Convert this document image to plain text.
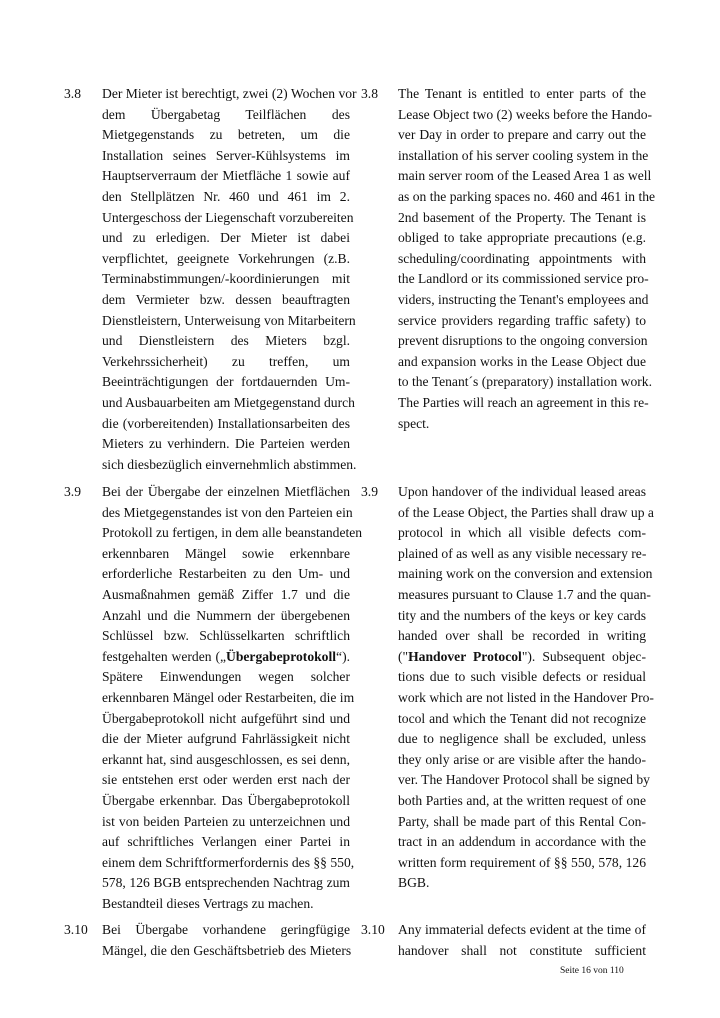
3.8 Der Mieter ist berechtigt, zwei (2) Wochen vor
dem Übergabetag Teilflächen des
Mietgegenstands zu betreten, um die
Installation seines Server-Kühlsystems im
Hauptserverraum der Mietfläche 1 sowie auf
den Stellplätzen Nr. 460 und 461 im 2.
Untergeschoss der Liegenschaft vorzubereiten
und zu erledigen. Der Mieter ist dabei
verpflichtet, geeignete Vorkehrungen (z.B.
Terminabstimmungen/-koordinierungen mit
dem Vermieter bzw. dessen beauftragten
Dienstleistern, Unterweisung von Mitarbeitern
und Dienstleistern des Mieters bzgl.
Verkehrssicherheit) zu treffen, um
Beeinträchtigungen der fortdauernden Um-
und Ausbauarbeiten am Mietgegenstand durch
die (vorbereitenden) Installationsarbeiten des
Mieters zu verhindern. Die Parteien werden
sich diesbezüglich einvernehmlich abstimmen.
3.8 The Tenant is entitled to enter parts of the
Lease Object two (2) weeks before the Hando-
ver Day in order to prepare and carry out the
installation of his server cooling system in the
main server room of the Leased Area 1 as well
as on the parking spaces no. 460 and 461 in the
2nd basement of the Property. The Tenant is
obliged to take appropriate precautions (e.g.
scheduling/coordinating appointments with
the Landlord or its commissioned service pro-
viders, instructing the Tenant's employees and
service providers regarding traffic safety) to
prevent disruptions to the ongoing conversion
and expansion works in the Lease Object due
to the Tenant´s (preparatory) installation work.
The Parties will reach an agreement in this re-
spect.
3.9 Bei der Übergabe der einzelnen Mietflächen
des Mietgegenstandes ist von den Parteien ein
Protokoll zu fertigen, in dem alle beanstandeten
erkennbaren Mängel sowie erkennbare
erforderliche Restarbeiten zu den Um- und
Ausmaßnahmen gemäß Ziffer 1.7 und die
Anzahl und die Nummern der übergebenen
Schlüssel bzw. Schlüsselkarten schriftlich
festgehalten werden („Übergabeprotokoll“).
Spätere Einwendungen wegen solcher
erkennbaren Mängel oder Restarbeiten, die im
Übergabeprotokoll nicht aufgeführt sind und
die der Mieter aufgrund Fahrlässigkeit nicht
erkannt hat, sind ausgeschlossen, es sei denn,
sie entstehen erst oder werden erst nach der
Übergabe erkennbar. Das Übergabeprotokoll
ist von beiden Parteien zu unterzeichnen und
auf schriftliches Verlangen einer Partei in
einem dem Schriftformerfordernis des §§ 550,
578, 126 BGB entsprechenden Nachtrag zum
Bestandteil dieses Vertrags zu machen.
3.9 Upon handover of the individual leased areas
of the Lease Object, the Parties shall draw up a
protocol in which all visible defects com-
plained of as well as any visible necessary re-
maining work on the conversion and extension
measures pursuant to Clause 1.7 and the quan-
tity and the numbers of the keys or key cards
handed over shall be recorded in writing
("Handover Protocol"). Subsequent objec-
tions due to such visible defects or residual
work which are not listed in the Handover Pro-
tocol and which the Tenant did not recognize
due to negligence shall be excluded, unless
they only arise or are visible after the hando-
ver. The Handover Protocol shall be signed by
both Parties and, at the written request of one
Party, shall be made part of this Rental Con-
tract in an addendum in accordance with the
written form requirement of §§ 550, 578, 126
BGB.
3.10 Bei Übergabe vorhandene geringfügige
Mängel, die den Geschäftsbetrieb des Mieters
3.10 Any immaterial defects evident at the time of
handover shall not constitute sufficient
Seite 16 von 110
